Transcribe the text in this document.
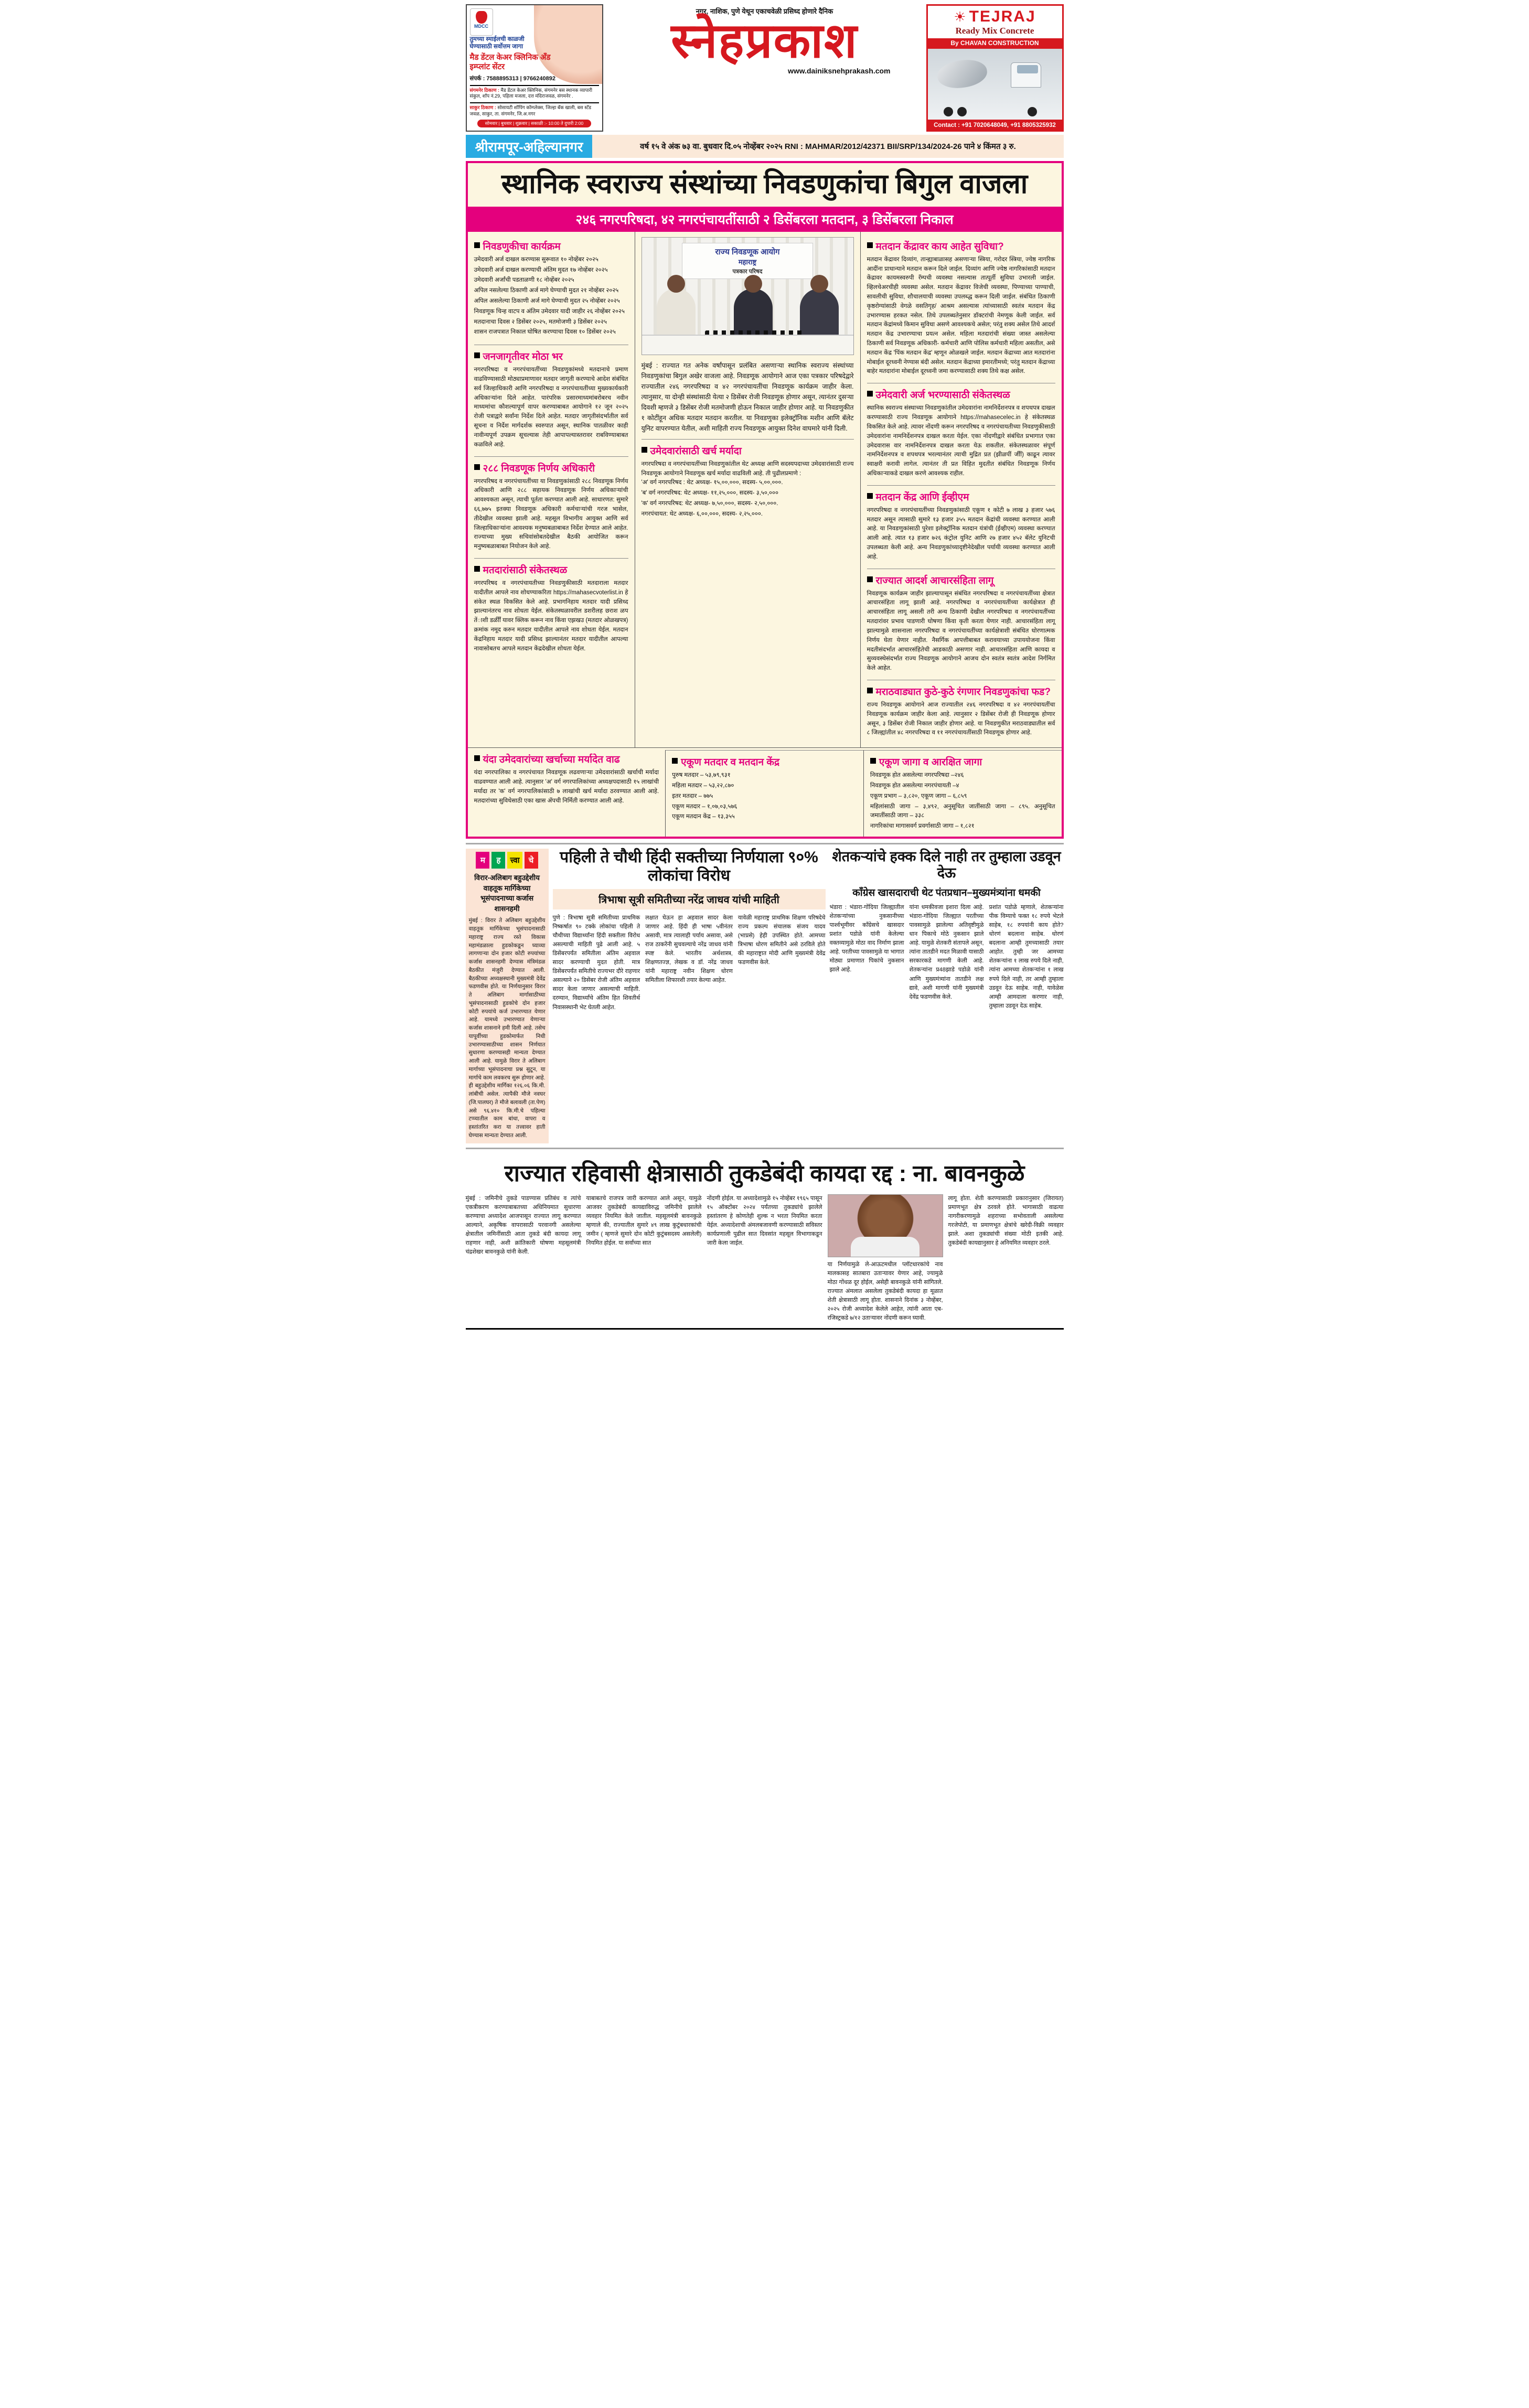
MDCC
तुमच्या स्माईलची काळजी घेण्यासाठी सर्वोत्तम जागा
मैड डेंटल केअर क्लिनिक अँड इम्प्लांट सेंटर
संपर्क : 7588895313 | 9766240892
संगमनेर ठिकाण : मैड डेंटल केअर क्लिनिक, संगमनेर बस स्थानक व्यापारी संकुल, शॉप नं.29, पहिला मजला, दत्त मंदिराजवळ, संगमनेर .
साकुर ठिकाण : सोसायटी शॉपिंग कॉम्प्लेक्स, जिल्हा बँक खाली, बस स्टँड जवळ, साकुर, ता. संगमनेर, जि.अ.नगर
सोमवार | बुधवार | शुक्रवार | सकाळी :- 10:00 ते दुपारी 2:00
नगर, नाशिक, पुणे येथून एकाचवेळी प्रसिध्द होणारे दैनिक
स्नेहप्रकाश
www.dainiksnehprakash.com
☀ TEJRAJ
Ready Mix Concrete
By CHAVAN CONSTRUCTION
Contact : +91 7020648049, +91 8805325932
श्रीरामपूर-अहिल्यानगर	वर्ष १५ वे अंक ७३ वा. बुधवार दि.०५ नोव्हेंबर २०२५ RNI : MAHMAR/2012/42371 BII/SRP/134/2024-26 पाने ४ किंमत ३ रु.
स्थानिक स्वराज्य संस्थांच्या निवडणुकांचा बिगुल वाजला
२४६ नगरपरिषदा, ४२ नगरपंचायतींसाठी २ डिसेंबरला मतदान, ३ डिसेंबरला निकाल
निवडणुकीचा कार्यक्रम
उमेदवारी अर्ज दाखल करण्यास सुरूवात १० नोव्हेंबर २०२५
उमेदवारी अर्ज दाखल करण्याची अंतिम मुदत १७ नोव्हेंबर २०२५
उमेदवारी अर्जांची पडताळणी १८ नोव्हेंबर २०२५
अपिल नसलेल्या ठिकाणी अर्ज मागे घेण्याची मुदत २१ नोव्हेंबर २०२५
अपिल असलेल्या ठिकाणी अर्ज मागे घेण्याची मुदत २५ नोव्हेंबर २०२५
निवडणूक चिन्ह वाटप व अंतिम उमेदवार यादी जाहीर २६ नोव्हेंबर २०२५
मतदानाचा दिवस २ डिसेंबर २०२५, मतमोजणी ३ डिसेंबर २०२५
शासन राजपत्रात निकाल घोषित करण्याचा दिवस १० डिसेंबर २०२५
जनजागृतीवर मोठा भर

नगरपरिषदा व नगरपंचायतींच्या निवडणुकांमध्ये मतदानाचे प्रमाण वाढविण्यासाठी मोठ्याप्रमाणावर मतदार जागृती करण्याचे आदेश संबंधित सर्व जिल्हाधिकारी आणि नगरपरिषदा व नगरपंचायतींच्या मुख्यकार्यकारी अधिकाऱ्यांना दिले आहेत. पारंपरिक प्रसारमाध्यमांबरोबरच नवीन माध्यमांचा कौशल्यापूर्ण वापर करण्याबाबत आयोगाने १२ जून २०२५ रोजी पत्राद्वारे सर्वांना निर्देश दिले आहेत. मतदार जागृतीसंदर्भातील सर्व सूचना व निर्देश मार्गदर्शक स्वरुपात असून, स्थानिक पातळीवर काही नावीन्यपूर्ण उपक्रम सूचल्यास तेही आपापल्यास्तरावर राबविण्याबाबत कळविले आहे.

२८८ निवडणूक निर्णय अधिकारी

नगरपरिषद व नगरपंचायतींच्या या निवडणुकांसाठी २८८ निवडणूक निर्णय अधिकारी आणि २८८ सहायक निवडणूक निर्णय अधिकाऱ्यांची आवश्यकता असून, त्याची पूर्तता करण्यात आली आहे. साधारणत: सुमारे ६६,७७५ इतक्या निवडणूक अधिकारी कर्मचाऱ्यांची गरज भासेल, तीदेखील व्यवस्था झाली आहे. महसूल विभागीय आयुक्त आणि सर्व जिल्हाधिकाऱ्यांना आवश्यक मनुष्यबळाबाबत निर्देश देण्यात आले आहेत. राज्याच्या मुख्य सचिवांसोबतदेखील बैठकी आयोजित करून मनुष्यबळाबाबत नियोजन केले आहे.

मतदारांसाठी संकेतस्थळ

नगरपरिषद व नगरपंचायतीच्या निवडणुकीसाठी मतदाराला मतदार यादीतील आपले नाव शोधण्याकरिता https://mahasecvoterlist.in हे संकेत स्थळ विकसित केले आहे. प्रभागनिहाय मतदार यादी प्रसिध्द झाल्यानंतरच नाव शोधता येईल. संकेतस्थळावरील डशरीलह छराश ळप तेंाशी डर्ळीीं यावर क्लिक करून नाव किंवा एझखउ (मतदार ओळखपत्र) क्रमांक नमूद करुन मतदार यादीतील आपले नाव शोधता येईल. मतदान केंद्रनिहाय मतदार यादी प्रसिध्द झाल्यानंतर मतदार यादीतील आपल्या नावासोबतच आपले मतदान केंद्रदेखील शोधता येईल.

राज्य निवडणूक आयोग
महाराष्ट्र
पत्रकार परिषद

मुंबई : राज्यात गत अनेक वर्षांपासून प्रलंबित असणाऱ्या स्थानिक स्वराज्य संस्थांच्या निवडणुकांचा बिगुल अखेर वाजला आहे. निवडणूक आयोगाने आज एका पत्रकार परिषदेद्वारे राज्यातील २४६ नगरपरिषदा व ४२ नगरपंचायतींचा निवडणूक कार्यक्रम जाहीर केला. त्यानुसार, या दोन्ही संस्थांसाठी येत्या २ डिसेंबर रोजी निवडणूक होणार असून, त्यानंतर दुसऱ्या दिवशी म्हणजे ३ डिसेंबर रोजी मतमोजणी होऊन निकाल जाहीर होणार आहे. या निवडणुकीत १ कोटींहून अधिक मतदार मतदान करतील. या निवडणुका इलेक्ट्रॉनिक मशीन आणि बॅलेट युनिट वापरण्यात येतील, अशी माहिती राज्य निवडणूक आयुक्त दिनेश वाघमारे यांनी दिली.

उमेदवारांसाठी खर्च मर्यादा

नगरपरिषदा व नगरपंचायतींच्या निवडणुकांतील थेट अध्यक्ष आणि सदस्यपदाच्या उमेदवारांसाठी राज्य निवडणूक आयोगाने निवडणूक खर्च मर्यादा वाढविली आहे. ती पुढीलप्रमाणे :

'अ' वर्ग नगरपरिषद : थेट अध्यक्ष- १५,००,०००, सदस्य- ५,००,०००.
'ब' वर्ग नगरपरिषद: थेट अध्यक्ष- ११,२५,०००, सदस्य- ३,५०,०००
'क' वर्ग नगरपरिषद: थेट अध्यक्ष- ७,५०,०००, सदस्य- २,५०,०००.
नगरपंचायत: थेट अध्यक्ष- ६,००,०००, सदस्य- २,२५,०००.
मतदान केंद्रावर काय आहेत सुविधा?

मतदान केंद्रावर दिव्यांग, तान्ह्याबाळासह असणाऱ्या स्त्रिया, गरोदर स्त्रिया, ज्येष्ठ नागरिक आदींना प्राधान्याने मतदान करून दिले जाईल. दिव्यांग आणि ज्येष्ठ नागरिकांसाठी मतदान केंद्रावर कायमस्वरुपी रॅम्पची व्यवस्था नसल्यास तात्पूर्ती सुविधा उभारली जाईल. व्हिलचेअरचीही व्यवस्था असेल. मतदान केंद्रावर विजेची व्यवस्था, पिण्याच्या पाण्याची, सावलीची सुविधा, शौचालयाची व्यवस्था उपलब्द्ध करून दिली जाईल. संबंधित ठिकाणी कृष्ठरोग्यांसाठी वेगळे वसतिगृह/ आश्रम असल्यास त्यांच्यासाठी स्वतंत्र मतदान केंद्र उभारण्यास हरकत नसेल. तिथे उपलब्धतेनुसार डॉक्टरांची नेमणूक केली जाईल. सर्व मतदान केंद्रांमध्ये किमान सुविधा असणे आवश्यकचे असेल; परंतु शक्य असेल तिथे आदर्श मतदान केंद्र उभारण्याचा प्रयत्न असेल. महिला मतदारांची संख्या जास्त असलेल्या ठिकाणी सर्व निवडणूक अधिकारी- कर्मचारी आणि पोलिस कर्मचारी महिला असतील, असे मतदान केंद्र 'पिंक मतदान केंद्र' म्हणून ओळखले जाईल. मतदान केंद्राच्या आत मतदारांना मोबाईल दूरध्वनी नेण्यास बंदी असेल. मतदान केंद्राच्या इमारतीमध्ये; परंतु मतदान केंद्राच्या बाहेर मतदारांना मोबाईल दूरध्वनी जमा करण्यासाठी शक्य तिथे कक्ष असेल.

उमेदवारी अर्ज भरण्यासाठी संकेतस्थळ

स्थानिक स्वराज्य संस्थाच्या निवडणुकांतील उमेदवारांना नामनिर्देशनपत्र व शपथपत्र दाखल करण्यासाठी राज्य निवडणूक आयोगाने https://mahasecelec.in हे संकेतस्थळ विकसित केले आहे. त्यावर नोंदणी करून नगरपरिषद व नगरपंचायतीच्या निवडणुकीसाठी उमेदवारांना नामनिर्देशनपत्र दाखल करता येईल. एका नोंदणीद्वारे संबंधित प्रभागात एका उमेदवारास वार नामनिर्देशनपत्र दाखल करता येऊ शकतील. संकेतस्थळावर संपूर्ण नामनिर्देशनपत्र व शपथपत्र भरल्यानंतर त्याची मुद्रित प्रत (झीळपीं जीीं) काढून त्यावर स्वाक्षरी करावी लागेल. त्यानंतर ती प्रत विहित मुदतीत संबंधित निवडणूक निर्णय अधिकाऱ्याकडे दाखल करणे आवश्यक राहील.

मतदान केंद्र आणि ईव्हीएम

नगरपरिषदा व नगरपंचायतींच्या निवडणुकांसाठी एकूण १ कोटी ७ लाख ३ हजार ५७६ मतदार असून त्यासाठी सुमारे १३ हजार ३५५ मतदान केंद्रांची व्यवस्था करण्यात आली आहे. या निवडणुकांसाठी पुरेशा इलेक्ट्रॉनिक मतदान यंत्रांची (ईव्हीएम) व्यवस्था करण्यात आली आहे. त्यात १३ हजार ७२६ कंट्रोल युनिट आणि २७ हजार ४५२ बॅलेट युनिटची उपलब्धता केली आहे. अन्य निवडणुकांच्यादृष्टीनेदेखील पर्यायी व्यवस्था करण्यात आली आहे.

राज्यात आदर्श आचारसंहिता लागू

निवडणूक कार्यक्रम जाहीर झाल्यापासून संबंधित नगरपरिषदा व नगरपंचायतींच्या क्षेत्रात आचारसंहिता लागू झाली आहे. नगरपरिषदा व नगरपंचायतींच्या कार्यक्षेत्रात ही आचारसंहिता लागू असली तरी अन्य ठिकाणी देखील नगरपरिषदा व नगरपंचायतींच्या मतदारांवर प्रभाव पाडणारी घोषणा किंवा कृती करता येणार नाही. आचारसंहिता लागू झाल्यामुळे शासनाला नगरपरिषदा व नगरपंचायतींच्या कार्यक्षेत्राशी संबंधित धोरणात्मक निर्णय घेता येणार नाहीत. नैसर्गिक आपत्तीबाबत करावयाच्या उपाययोजना किंवा मदतीसंदर्भात आचारसंहितेची आडकाठी असणार नाही. आचारसंहिता आणि कायदा व सुव्यवस्थेसंदर्भात राज्य निवडणूक आयोगाने आजच दोन स्वतंत्र स्वतंत्र आदेश निर्गमित केले आहेत.

मराठवाड्यात कुठे-कुठे रंगणार निवडणुकांचा फड?

राज्य निवडणूक आयोगाने आज राज्यातील २४६ नगरपरिषदा व ४२ नगरपंचायतींचा निवडणूक कार्यक्रम जाहीर केला आहे. त्यानुसार २ डिसेंबर रोजी ही निवडणूक होणार असून, ३ डिसेंबर रोजी निकाल जाहीर होणार आहे. या निवडणुकीत मराठवाड्यातील सर्व ८ जिल्ह्यांतील ४८ नगरपरिषदा व ११ नगरपंचायतींसाठी निवडणूक होणार आहे.

यंदा उमेदवारांच्या खर्चाच्या मर्यादेत वाढ

यंदा नगरपालिका व नगरपंचायत निवडणूक लढवणाऱ्या उमेदवारांसाठी खर्चाची मर्यादा वाढवण्यात आली आहे. त्यानुसार 'अ' वर्ग नगरपालिकांच्या अध्यक्षपदासाठी १५ लाखांची मर्यादा तर 'क' वर्ग नगरपालिकांसाठी ७ लाखांची खर्च मर्यादा ठरवण्यात आली आहे. मतदारांच्या सुविधेसाठी एका खास ॲपची निर्मिती करण्यात आली आहे.

एकूण मतदार व मतदान केंद्र
पुरुष मतदार – ५३,७९,९३१
महिला मतदार – ५३,२२,८७०
इतर मतदार – ७७५
एकूण मतदार – १,०७,०३,५७६
एकूण मतदान केंद्र – १३,३५५
एकूण जागा व आरक्षित जागा
निवडणूक होत असलेल्या नगरपरिषदा –२४६
निवडणूक होत असलेल्या नगरपंचायती –४
एकूण प्रभाग – ३,८२०, एकूण जागा – ६,८५९
महिलांसाठी जागा – ३,४९२, अनुसूचित जातींसाठी जागा – ८९५. अनुसूचित जमातींसाठी जागा – ३३८
नागरिकांचा मागासवर्ग प्रवर्गासाठी जागा – १,८२१
म	ह	त्त्वा	चे
विरार-अलिबाग बहुउद्देशीय वाहतूक मार्गिकेच्या भूसंपादनाच्या कर्जास शासनहमी

मुंबई : विरार ते अलिबाग बहुउद्देशीय वाहतूक मार्गिकेच्या भूसंपादनासाठी महाराष्ट्र राज्य रस्ते विकास महामंडळाला हुडकोकडून घ्याव्या लागणाऱ्या दोन हजार कोटी रुपयांच्या कर्जास शासनहमी देण्यास मंत्रिमंडळ बैठकीत मंजुरी देण्यात आली. बैठकीच्या अध्यक्षस्थानी मुख्यमंत्री देवेंद्र फडणवीस होते. या निर्णयानुसार विरार ते अलिबाग मार्गासाठीच्या भूसंपादनासाठी हुडकोचे दोन हजार कोटी रुपयांचे कर्ज उभारण्यात येणार आहे. यामध्ये उभारण्यात येणाऱ्या कर्जास शासनाने हमी दिली आहे. तसेच यापूर्वीच्या हुडकोमार्फत निधी उभारण्यासाठीच्या शासन निर्णयात सुधारणा करण्यासही मान्यता देण्यात आली आहे. यामुळे विरार ते अलिबाग मार्गाच्या भूसंपादनाचा प्रश्न सुटून, या मार्गाचे काम लवकरच सुरू होणार आहे. ही बहुउद्देशीय मार्गिका १२६.०६ कि.मी. लांबीची असेल. त्यापैकी मौजे नवघर (जि.पालघर) ते मौजे बलावली (ता.पेण) असे ९६.४१० कि.मी.चे पहिल्या टप्प्यातील काम बांधा, वापरा व हस्तांतरित करा या तत्त्वावर हाती घेण्यास मान्यता देण्यात आली.

पहिली ते चौथी हिंदी सक्तीच्या निर्णयाला ९०% लोकांचा विरोध
त्रिभाषा सूत्री समितीच्या नरेंद्र जाधव यांची माहिती
पुणे : त्रिभाषा सूत्री समितीच्या प्राथमिक निष्कर्षात ९० टक्के लोकांचा पहिली ते चौथीच्या विद्यार्थ्यांना हिंदी सक्तीला विरोध असल्याची माहिती पुढे आली आहे. ५ डिसेंबरपर्यंत समितीला अंतिम अहवाल सादर करण्याची मुदत होती. मात्र डिसेंबरपर्यंत समितीचे राज्यभर दौरे राहणार असल्याने २० डिसेंबर रोजी अंतिम अहवाल सादर केला जाणार असल्याची माहिती. दरम्यान, विद्यार्थ्यांचे अंतिम हित शिवतीर्थ निवासस्थानी भेट घेतली आहेत.
लक्षात घेऊन हा अहवाल सादर केला जाणार आहे. हिंदी ही भाषा ५वीनंतर असावी, मात्र त्यालाही पर्याय असावा, असे राज ठाकरेंनी सुचवल्याचे नरेंद्र जाधव यांनी स्पष्ट केले. भारतीय अर्थशास्त्र, शिक्षणतज्ज्ञ, लेखक व डॉ. नरेंद्र जाधव यांनी महाराष्ट्र नवीन शिक्षण धोरण समितीला शिफारशी तयार केल्या आहेत.
यावेळी महाराष्ट्र प्राथमिक शिक्षण परिषदेचे राज्य प्रकल्प संचालक संजय यादव (भाप्रसे) हेही उपस्थित होते. आमच्या त्रिभाषा धोरण समितीने असे ठरविले होते की महाराष्ट्रात मोदी आणि मुख्यमंत्री देवेंद्र फडणवीस केले.
शेतकऱ्यांचे हक्क दिले नाही तर तुम्हाला उडवून देऊ
काँग्रेस खासदाराची थेट पंतप्रधान–मुख्यमंत्र्यांना धमकी
भंडारा : भंडारा-गोंदिया जिल्ह्यातील शेतकऱ्यांच्या नुकसानीच्या पार्श्वभूमीवर काँग्रेसचे खासदार प्रशांत पडोळे यांनी केलेल्या वक्तव्यामुळे मोठा वाद निर्माण झाला आहे. परतीच्या पावसामुळे या भागात मोठ्या प्रमाणात पिकांचे नुकसान झाले आहे.
यांना धमकीवजा इशारा दिला आहे. भंडारा-गोंदिया जिल्ह्यात परतीच्या पावसामुळे झालेल्या अतिवृष्टीमुळे धान पिकाचे मोठे नुकसान झाले आहे. यामुळे शेतकरी संतापले असून, त्यांना तातडीने मदत मिळावी यासाठी सरकारकडे मागणी केली आहे. शेतकऱ्यांना प्र48झाडे पडोळे यांनी आणि मुख्यमंत्र्यांना तातडीने लक्ष द्यावे, अशी मागणी यांनी मुख्यमंत्री देवेंद्र फडणवीस केले.
प्रशांत पडोळे म्हणाले, शेतकऱ्यांना पीक विम्याचे फक्त १८ रुपये भेटले साहेब, १८ रुपयांनी काय होते? धोरणं बदलाना साहेब. धोरणं बदलाना आम्ही तुमच्यासाठी तयार आहोत. तुम्ही जर आमच्या शेतकऱ्यांना १ लाख रुपये दिले नाही, त्यांना आमच्या शेतकऱ्यांना १ लाख रुपये दिले नाही, तर आम्ही तुम्हाला उडवून देऊ साहेब. नाही, यावेळेस आम्ही आमदाला करणार नाही, तुम्हाला उडवून देऊ साहेब.
राज्यात रहिवासी क्षेत्रासाठी तुकडेबंदी कायदा रद्द : ना. बावनकुळे
मुंबई : जमिनीचे तुकडे पाडण्यास प्रतिबंध व त्यांचे एकत्रीकरण करण्याबाबतच्या अधिनियमात सुधारणा करण्याचा अध्यादेश आजपासून राज्यात लागू करण्यात आल्याने, अकृषिक वापरासाठी परवानगी असलेल्या क्षेत्रातील जमिनींसाठी आता तुकडे बंदी कायदा लागू राहणार नाही, अशी क्रांतिकारी घोषणा महसूलमंत्री चंद्रशेखर बावनकुळे यांनी केली.
याबाबतचे राजपत्र जारी करण्यात आले असून, यामुळे आजवर तुकडेबंदी कायद्याविरुद्ध जमिनीचे झालेले व्यवहार नियमित केले जातील. महसूलमंत्री बावनकुळे म्हणाले की, राज्यातील सुमारे ४९ लाख कुटुंबधारकांची जमीन ( म्हणजे सुमारे दोन कोटी कुटुंबसदस्य असलेली) नियमित होईल. या सर्वांच्या सात
नोंदणी होईल. या अध्यादेशामुळे १५ नोव्हेंबर १९६५ पासून १५ ऑक्टोंबर २०२४ पर्यंतच्या तुकड्यांचे झालेले हस्तांतरण हे कोणतेही शुल्क न भरता नियमित करता येईल. अध्यादेशाची अंमलबजावणी करण्यासाठी सविस्तर कार्यप्रणाली पुढील सात दिवसांत महसूल विभागाकडून जारी केला जाईल.
या निर्णयामुळे ले-आऊटमधील प्लॉटधारकांचे नाव मालकासह सातबारा उताऱ्यावर येणार आहे, ज्यामुळे मोठा गोंधळ दूर होईल, असेही बावनकुळे यांनी सांगितले. राज्यात अंमलात असलेला तुकडेबंदी कायदा हा मूळात शेती क्षेत्रासाठी लागू होता. शासनाने दिनांक ३ नोव्हेंबर, २०२५ रोजी अध्यादेश केलेले आहेत, त्यांनी आता एब-रजिस्ट्रकडे ७/१२ उताऱ्यावर नोंदणी करून घ्यावी.
लागू होता. शेती करण्यासाठी प्रकारानुसार (जिरायत) प्रमाणभूत क्षेत्र ठरवले होते. भागासाठी वाढत्या नागरीकरणामुळे शहराच्या सभोवताली असलेल्या गरजेपोटी, या प्रमाणभूत क्षेत्रांचे खरेदी-विक्री व्यवहार झाले. अशा तुकड्यांची संख्या मोठी इतकी आहे. तुकडेबंदी कायद्यानुसार हे अनियमित व्यवहार ठरले.
